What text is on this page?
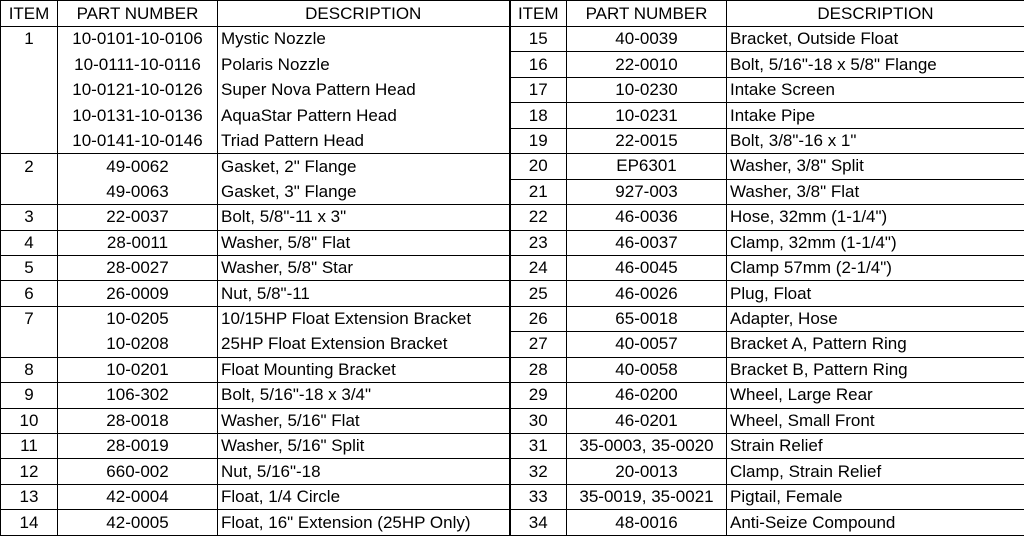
ITEM	PART NUMBER	DESCRIPTION	ITEM	PART NUMBER	DESCRIPTION
1	10-0101-10-0106	Mystic Nozzle	15	40-0039	Bracket, Outside Float
	10-0111-10-0116	Polaris Nozzle	16	22-0010	Bolt, 5/16"-18 x 5/8" Flange
	10-0121-10-0126	Super Nova Pattern Head	17	10-0230	Intake Screen
	10-0131-10-0136	AquaStar Pattern Head	18	10-0231	Intake Pipe
	10-0141-10-0146	Triad Pattern Head	19	22-0015	Bolt, 3/8"-16 x 1"
2	49-0062	Gasket, 2" Flange	20	EP6301	Washer, 3/8" Split
	49-0063	Gasket, 3" Flange	21	927-003	Washer, 3/8" Flat
3	22-0037	Bolt, 5/8"-11 x 3"	22	46-0036	Hose, 32mm (1-1/4")
4	28-0011	Washer, 5/8" Flat	23	46-0037	Clamp, 32mm (1-1/4")
5	28-0027	Washer, 5/8" Star	24	46-0045	Clamp 57mm (2-1/4")
6	26-0009	Nut, 5/8"-11	25	46-0026	Plug, Float
7	10-0205	10/15HP Float Extension Bracket	26	65-0018	Adapter, Hose
	10-0208	25HP Float Extension Bracket	27	40-0057	Bracket A, Pattern Ring
8	10-0201	Float Mounting Bracket	28	40-0058	Bracket B, Pattern Ring
9	106-302	Bolt, 5/16"-18 x 3/4"	29	46-0200	Wheel, Large Rear
10	28-0018	Washer, 5/16" Flat	30	46-0201	Wheel, Small Front
11	28-0019	Washer, 5/16" Split	31	35-0003, 35-0020	Strain Relief
12	660-002	Nut, 5/16"-18	32	20-0013	Clamp, Strain Relief
13	42-0004	Float, 1/4 Circle	33	35-0019, 35-0021	Pigtail, Female
14	42-0005	Float, 16" Extension (25HP Only)	34	48-0016	Anti-Seize Compound
